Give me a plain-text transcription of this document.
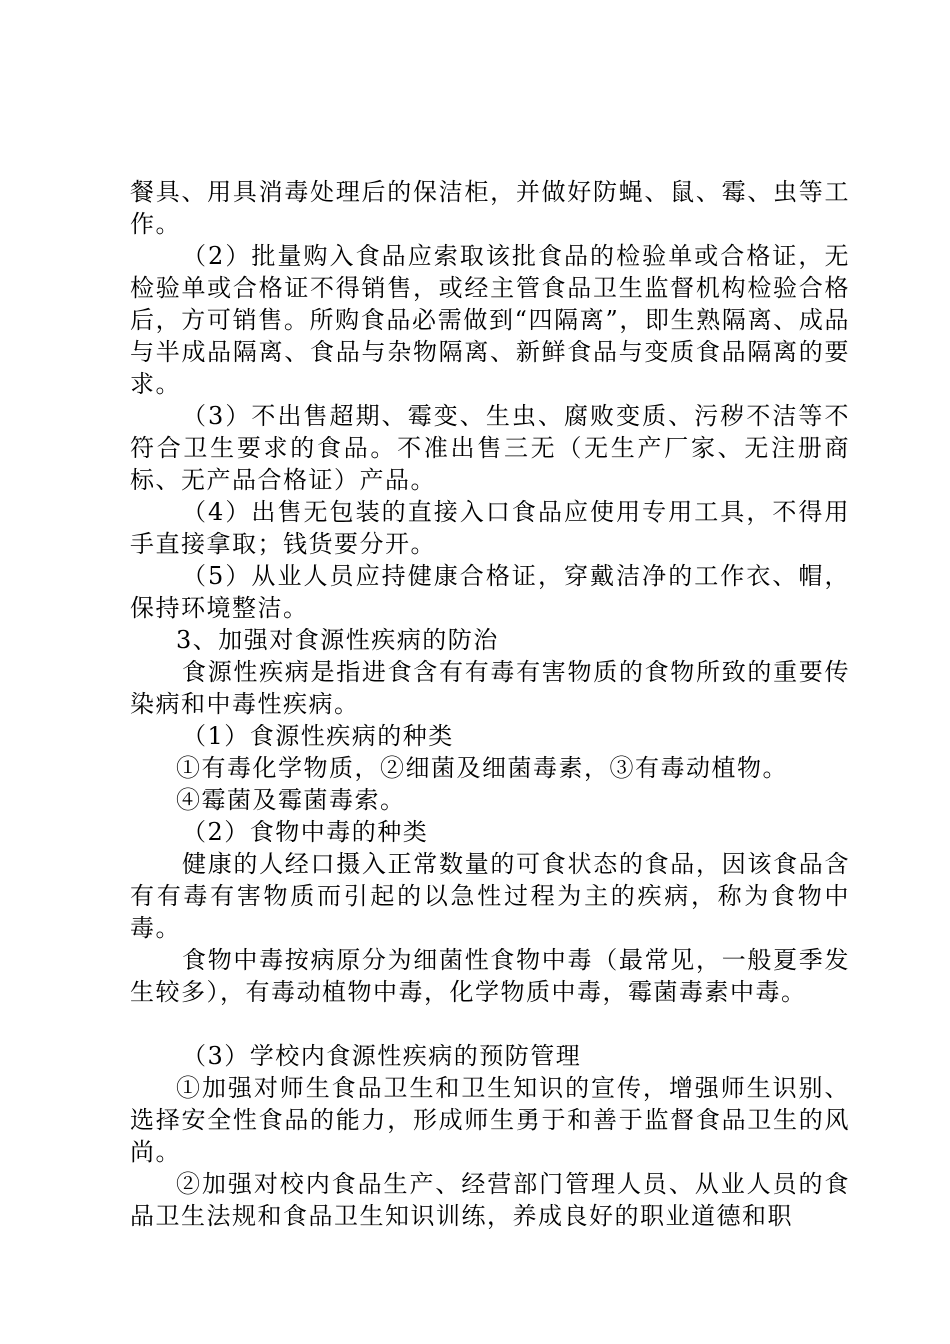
餐具、用具消毒处理后的保洁柜，并做好防蝇、鼠、霉、虫等工作。

（2）批量购入食品应索取该批食品的检验单或合格证，无检验单或合格证不得销售，或经主管食品卫生监督机构检验合格后，方可销售。所购食品必需做到“四隔离”，即生熟隔离、成品与半成品隔离、食品与杂物隔离、新鲜食品与变质食品隔离的要求。

（3）不出售超期、霉变、生虫、腐败变质、污秽不洁等不符合卫生要求的食品。不准出售三无（无生产厂家、无注册商标、无产品合格证）产品。

（4）出售无包装的直接入口食品应使用专用工具，不得用手直接拿取；钱货要分开。

（5）从业人员应持健康合格证，穿戴洁净的工作衣、帽，保持环境整洁。

3、加强对食源性疾病的防治

食源性疾病是指进食含有有毒有害物质的食物所致的重要传染病和中毒性疾病。

（1）食源性疾病的种类

①有毒化学物质，②细菌及细菌毒素，③有毒动植物。

④霉菌及霉菌毒索。

（2）食物中毒的种类

健康的人经口摄入正常数量的可食状态的食品，因该食品含有有毒有害物质而引起的以急性过程为主的疾病，称为食物中毒。

食物中毒按病原分为细菌性食物中毒（最常见，一般夏季发生较多），有毒动植物中毒，化学物质中毒，霉菌毒素中毒。

（3）学校内食源性疾病的预防管理

①加强对师生食品卫生和卫生知识的宣传，增强师生识别、选择安全性食品的能力，形成师生勇于和善于监督食品卫生的风尚。

②加强对校内食品生产、经营部门管理人员、从业人员的食品卫生法规和食品卫生知识训练，养成良好的职业道德和职
